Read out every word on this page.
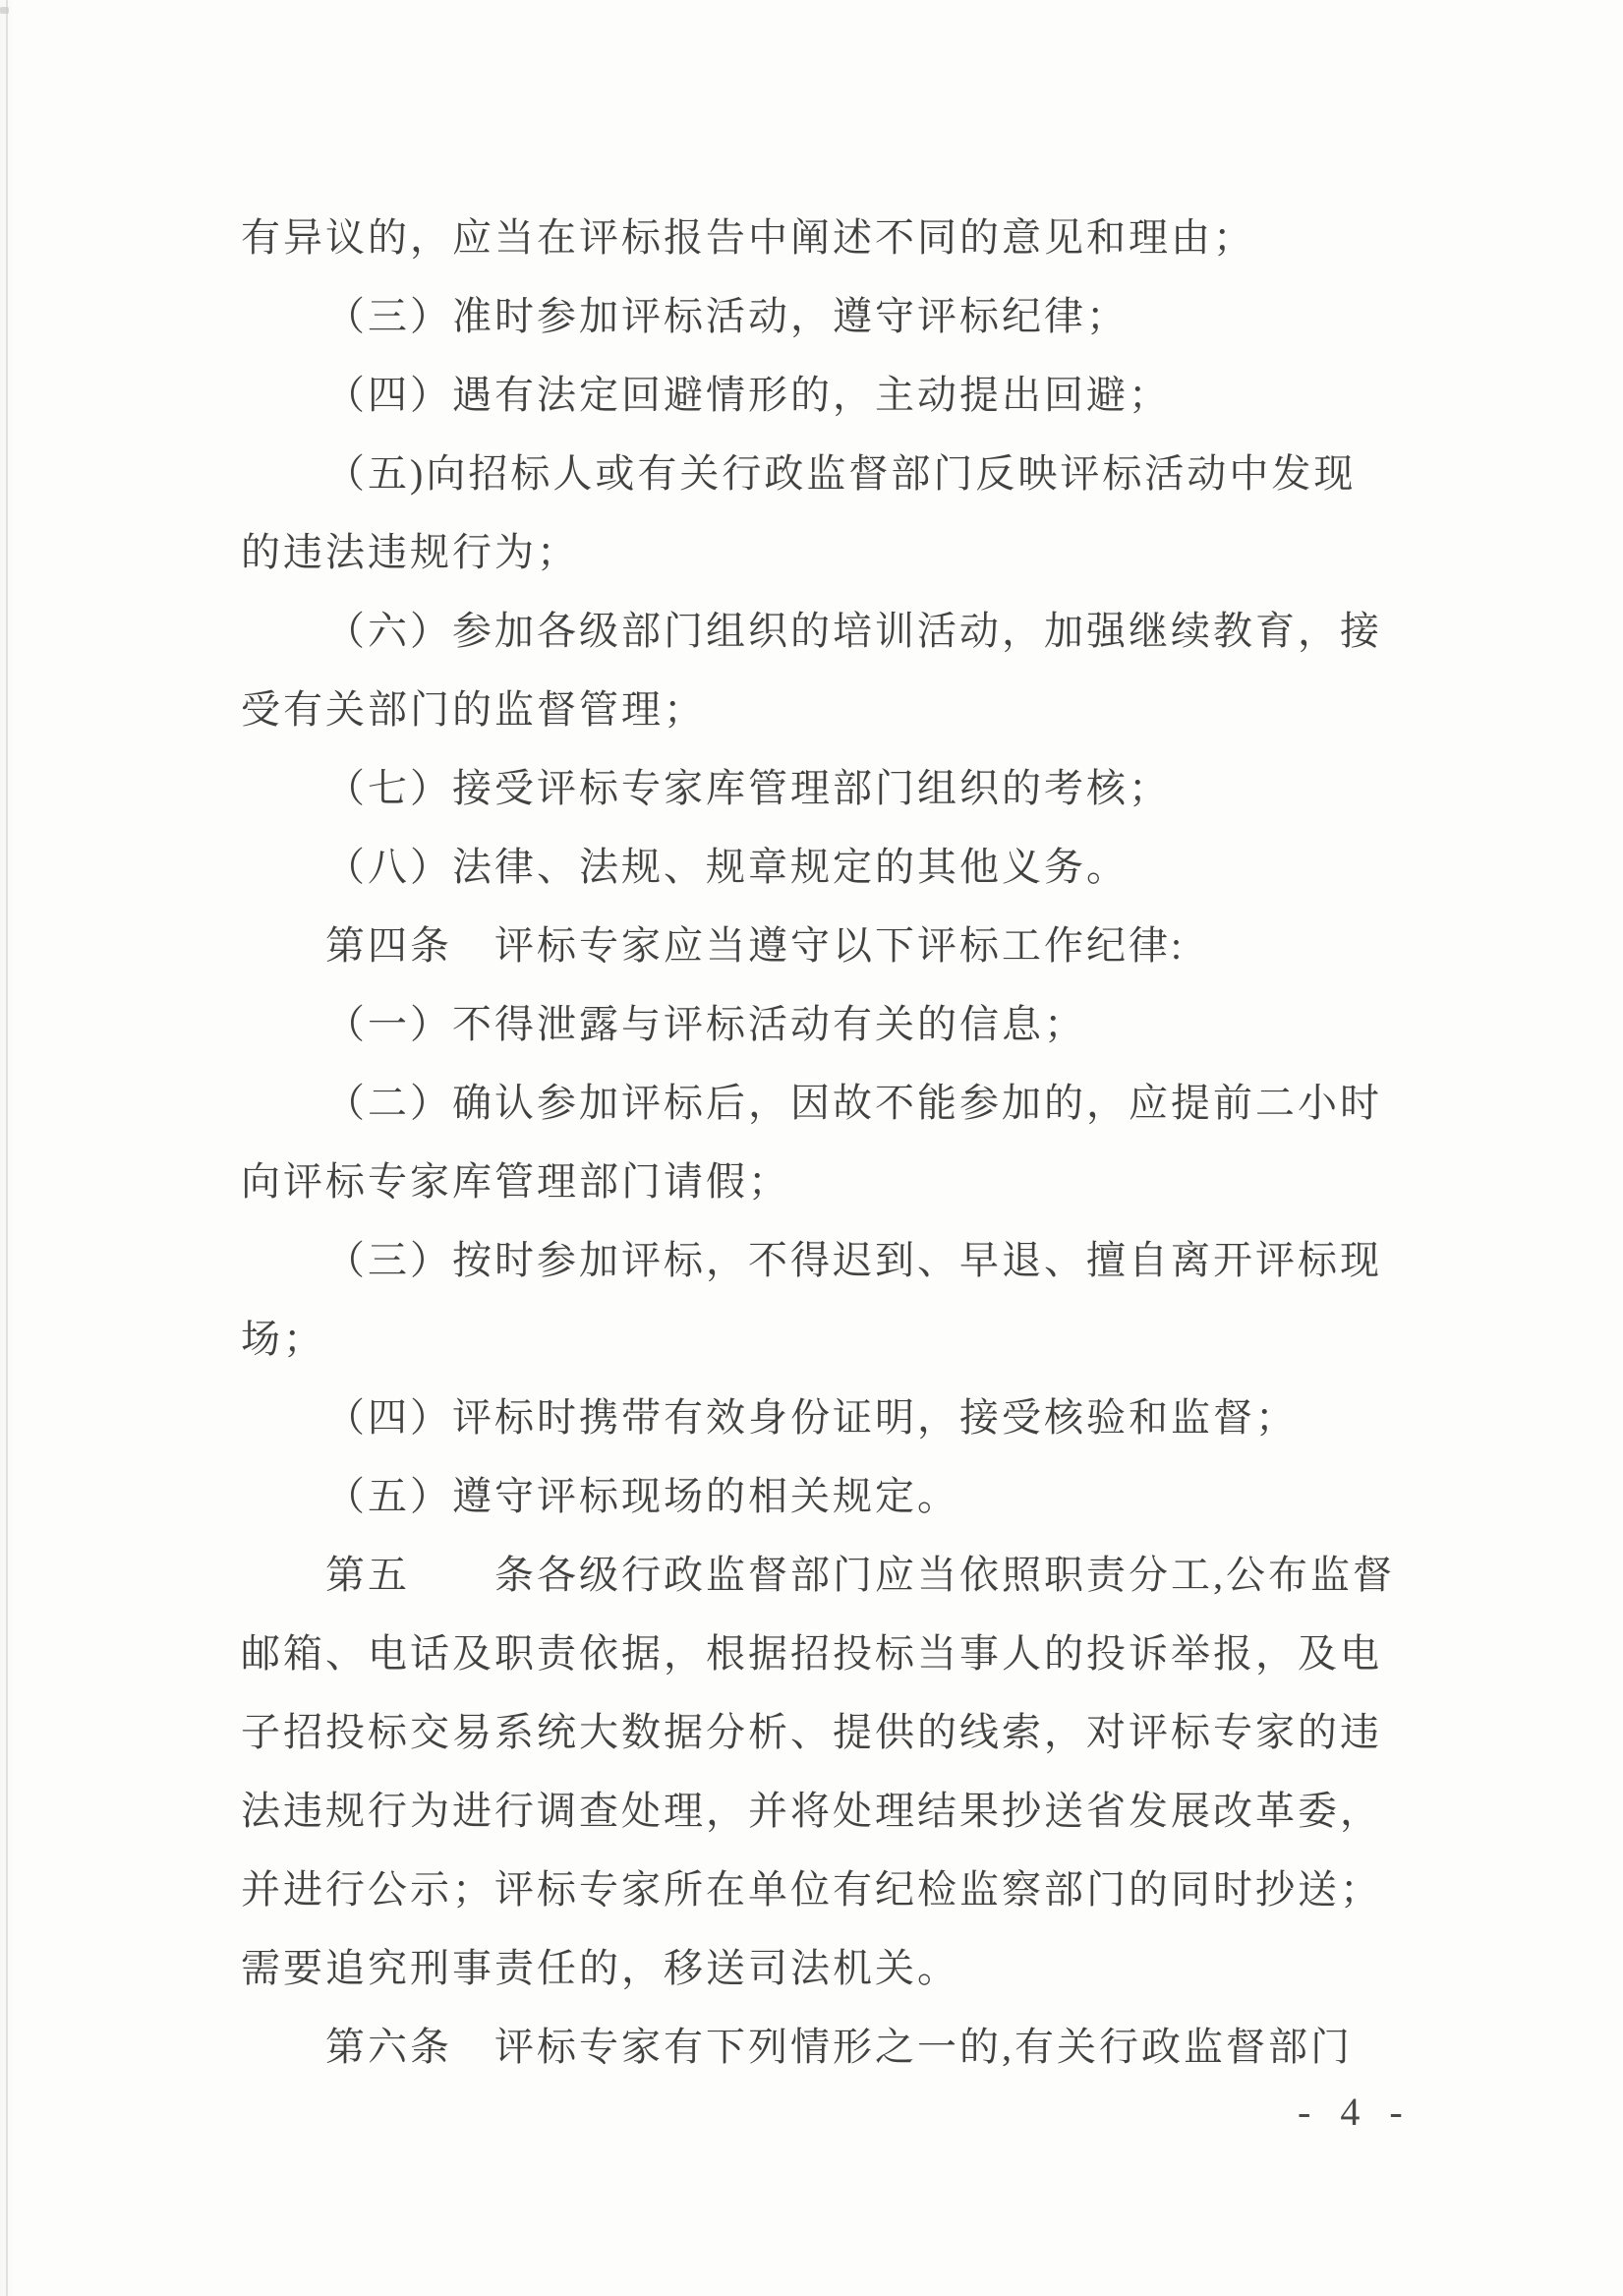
有异议的，应当在评标报告中阐述不同的意见和理由；
（三）准时参加评标活动，遵守评标纪律；
（四）遇有法定回避情形的，主动提出回避；
（五)向招标人或有关行政监督部门反映评标活动中发现
的违法违规行为；
（六）参加各级部门组织的培训活动，加强继续教育，接
受有关部门的监督管理；
（七）接受评标专家库管理部门组织的考核；
（八）法律、法规、规章规定的其他义务。
第四条　评标专家应当遵守以下评标工作纪律:
（一）不得泄露与评标活动有关的信息；
（二）确认参加评标后，因故不能参加的，应提前二小时
向评标专家库管理部门请假；
（三）按时参加评标，不得迟到、早退、擅自离开评标现
场；
（四）评标时携带有效身份证明，接受核验和监督；
（五）遵守评标现场的相关规定。
第五　　条各级行政监督部门应当依照职责分工,公布监督
邮箱、电话及职责依据，根据招投标当事人的投诉举报，及电
子招投标交易系统大数据分析、提供的线索，对评标专家的违
法违规行为进行调查处理，并将处理结果抄送省发展改革委，
并进行公示；评标专家所在单位有纪检监察部门的同时抄送；
需要追究刑事责任的，移送司法机关。
第六条　评标专家有下列情形之一的,有关行政监督部门
- 4 -
